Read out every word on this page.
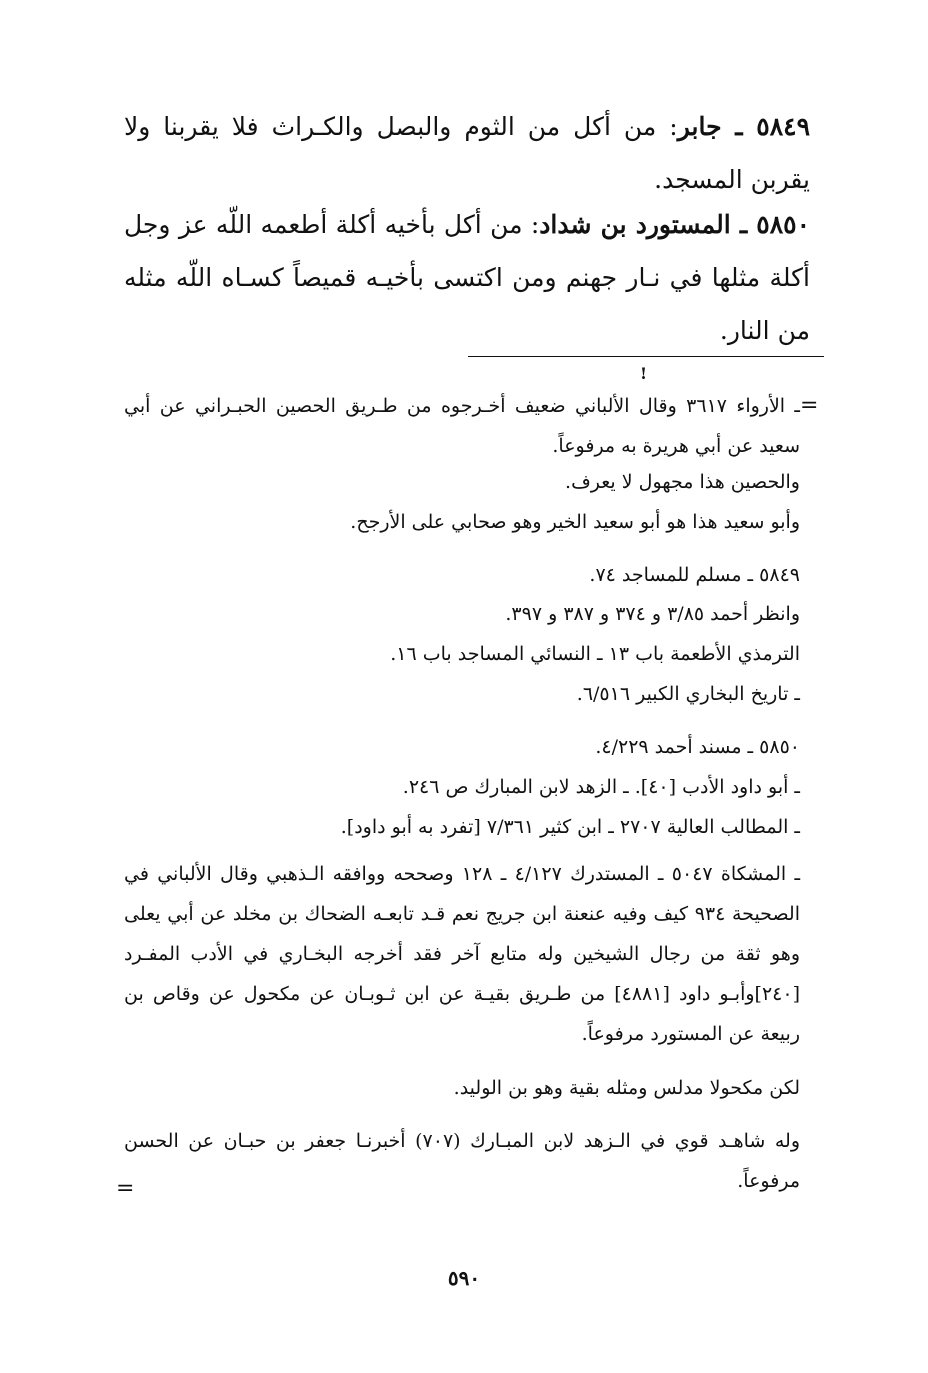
٥٨٤٩ ـ جابر: من أكل من الثوم والبصل والكـراث فلا يقربنا ولا يقربن المسجد.
٥٨٥٠ ـ المستورد بن شداد: من أكل بأخيه أكلة أطعمه اللّه عز وجل أكلة مثلها في نـار جهنم ومن اكتسى بأخيـه قميصاً كسـاه اللّه مثله من النار.
!
=
ـ الأرواء ٣٦١٧ وقال الألباني ضعيف أخـرجوه من طـريق الحصين الحبـراني عن أبي سعيد عن أبي هريرة به مرفوعاً.
والحصين هذا مجهول لا يعرف.
وأبو سعيد هذا هو أبو سعيد الخير وهو صحابي على الأرجح.
٥٨٤٩ ـ مسلم للمساجد ٧٤.
وانظر أحمد ٣/٨٥ و ٣٧٤ و ٣٨٧ و ٣٩٧.
الترمذي الأطعمة باب ١٣ ـ النسائي المساجد باب ١٦.
ـ تاريخ البخاري الكبير ٦/٥١٦.
٥٨٥٠ ـ مسند أحمد ٤/٢٢٩.
ـ أبو داود الأدب [٤٠]. ـ الزهد لابن المبارك ص ٢٤٦.
ـ المطالب العالية ٢٧٠٧ ـ ابن كثير ٧/٣٦١ [تفرد به أبو داود].
ـ المشكاة ٥٠٤٧ ـ المستدرك ٤/١٢٧ ـ ١٢٨ وصححه ووافقه الـذهبي وقال الألباني في الصحيحة ٩٣٤ كيف وفيه عنعنة ابن جريج نعم قـد تابعـه الضحاك بن مخلد عن أبي يعلى وهو ثقة من رجال الشيخين وله متابع آخر فقد أخرجه البخـاري في الأدب المفـرد [٢٤٠]وأبـو داود [٤٨٨١] من طـريق بقيـة عن ابن ثـوبـان عن مكحول عن وقاص بن ربيعة عن المستورد مرفوعاً.
لكن مكحولا مدلس ومثله بقية وهو بن الوليد.
وله شاهـد قوي في الـزهد لابن المبـارك (٧٠٧) أخبرنـا جعفر بن حبـان عن الحسن مرفوعاً.
=
٥٩٠
